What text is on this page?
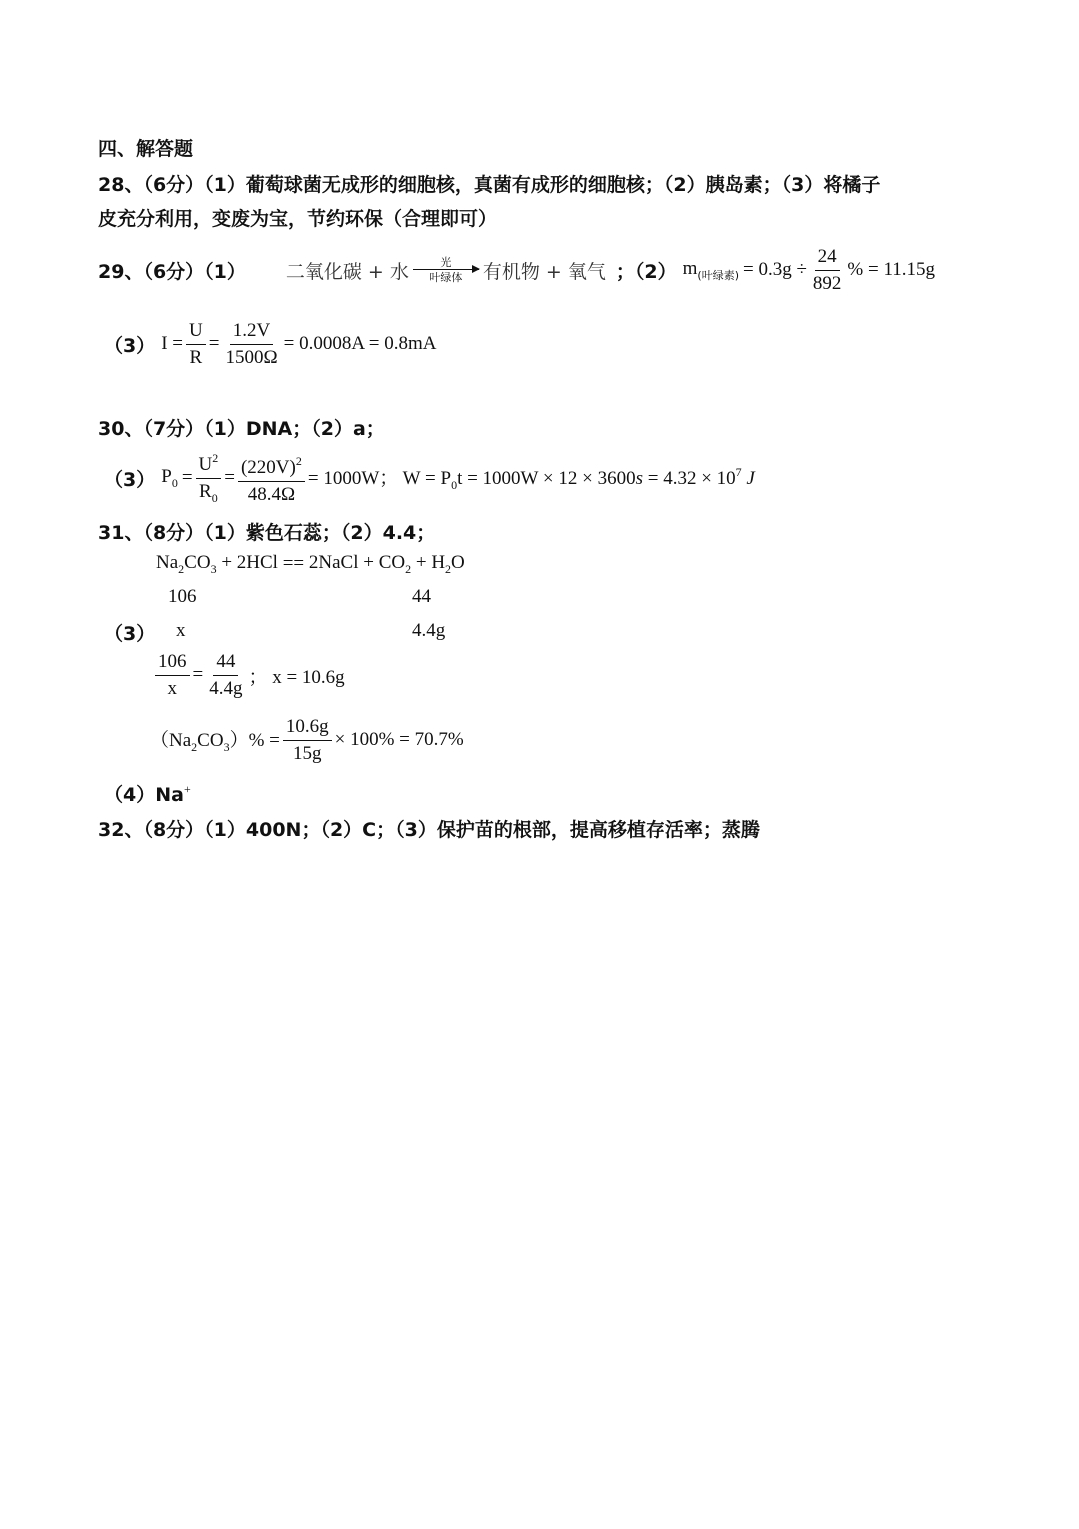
四、解答题
28、（6分）（1）葡萄球菌无成形的细胞核，真菌有成形的细胞核；（2）胰岛素；（3）将橘子
皮充分利用，变废为宝，节约环保（合理即可）
29、（6分）（1） 二氧化碳 + 水	光
叶绿体 有机物 + 氧气 ；（2） $m_{(叶绿素)} = 0.3g \div \frac{24}{892}$ % = 11.15g
（3） $I = \frac{U}{R} = \frac{1.2V}{1500\Omega} = 0.0008A = 0.8mA$
30、（7分）（1）DNA；（2）a；
（3） $P_0 = \frac{U^2}{R_0} = \frac{(220V)^2}{48.4\Omega} = 1000W$； $W = P_0t = 1000W \times 12 \times 3600s = 4.32 \times 10^7$ J
31、（8分）（1）紫色石蕊；（2）4.4；
$Na_2CO_3 + 2HCl$ == 2NaCl + $CO_2 + H_2O$
106	44
（3） x	4.4g
$\frac{106}{x} = \frac{44}{4.4g}$ ； x = 10.6g
$(Na_2CO_3)\% = \frac{10.6g}{15g} \times 100\% = 70.7\%$
（4）Na+
32、（8分）（1）400N；（2）C；（3）保护苗的根部，提高移植存活率；蒸腾
